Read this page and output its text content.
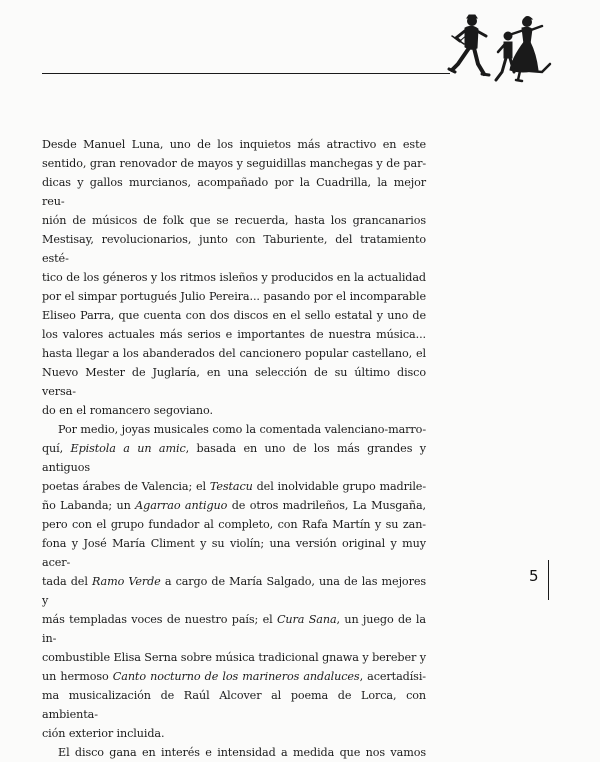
Desde Manuel Luna, uno de los inquietos más atractivo en este

sentido, gran renovador de mayos y seguidillas manchegas y de par-

dicas y gallos murcianos, acompañado por la Cuadrilla, la mejor reu-

nión de músicos de folk que se recuerda, hasta los grancanarios

Mestisay, revolucionarios, junto con Taburiente, del tratamiento esté-

tico de los géneros y los ritmos isleños y producidos en la actualidad

por el simpar portugués Julio Pereira... pasando por el incomparable

Eliseo Parra, que cuenta con dos discos en el sello estatal y uno de

los valores actuales más serios e importantes de nuestra música...

hasta llegar a los abanderados del cancionero popular castellano, el

Nuevo Mester de Juglaría, en una selección de su último disco versa-

do en el romancero segoviano.

Por medio, joyas musicales como la comentada valenciano-marro-

quí, Epistola a un amic, basada en uno de los más grandes y antiguos

poetas árabes de Valencia; el Testacu del inolvidable grupo madrile-

ño Labanda; un Agarrao antiguo de otros madrileños, La Musgaña,

pero con el grupo fundador al completo, con Rafa Martín y su zan-

fona y José María Climent y su violín; una versión original y muy acer-

tada del Ramo Verde a cargo de María Salgado, una de las mejores y

más templadas voces de nuestro país; el Cura Sana, un juego de la in-

combustible Elisa Serna sobre música tradicional gnawa y bereber y

un hermoso Canto nocturno de los marineros andaluces, acertadísi-

ma musicalización de Raúl Alcover al poema de Lorca, con ambienta-

ción exterior incluida.

El disco gana en interés e intensidad a medida que nos vamos

5
